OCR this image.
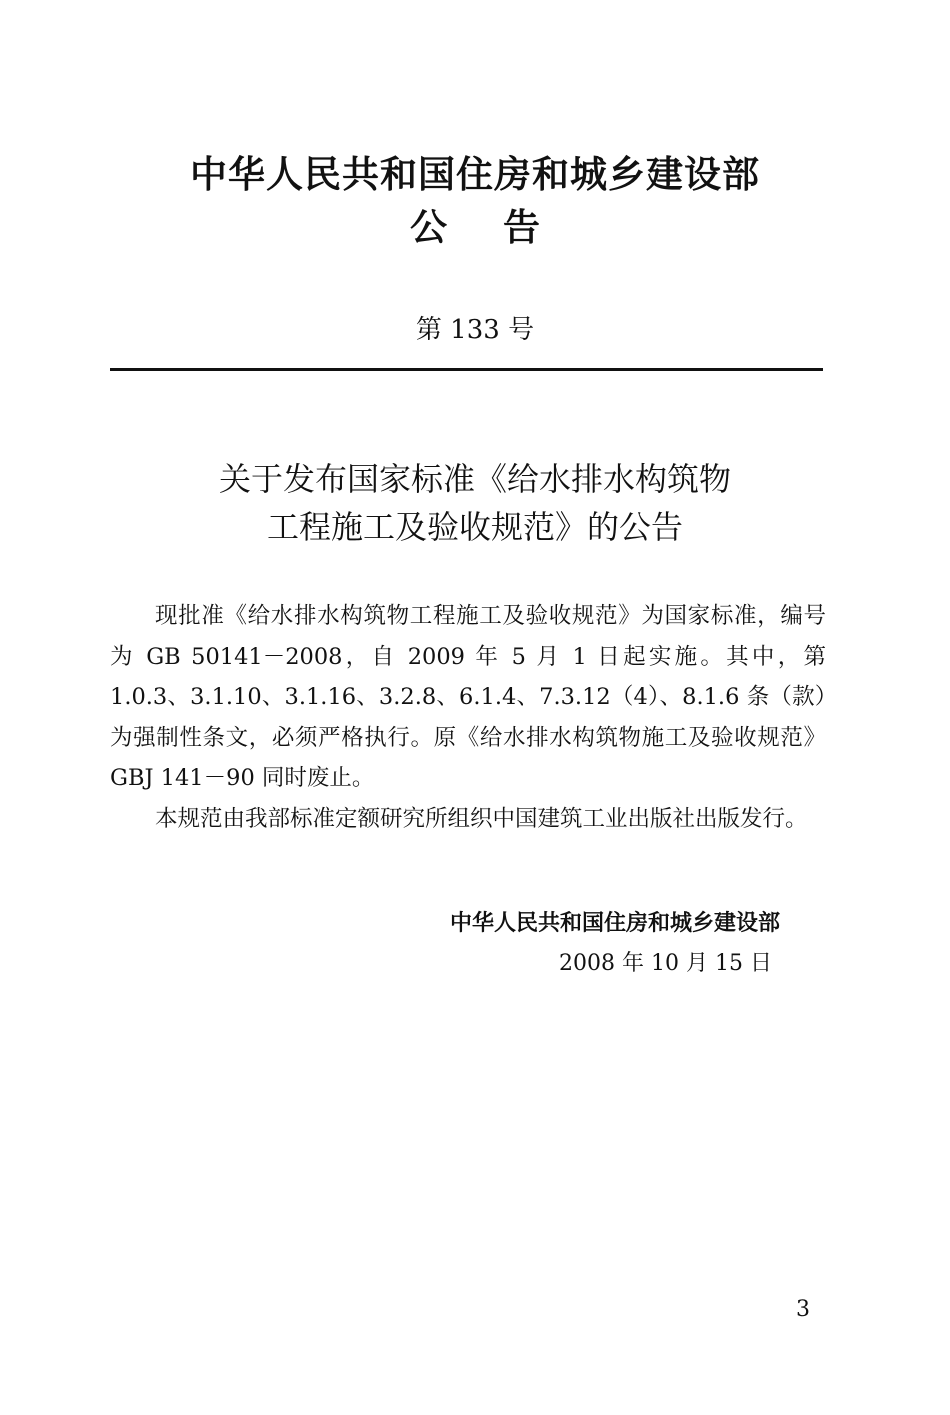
中华人民共和国住房和城乡建设部
公 告
第 133 号
关于发布国家标准《给水排水构筑物
工程施工及验收规范》的公告

现批准《给水排水构筑物工程施工及验收规范》为国家标准，编号为 GB 50141－2008，自 2009 年 5 月 1 日起实施。其中，第 1.0.3、3.1.10、3.1.16、3.2.8、6.1.4、7.3.12（4）、8.1.6 条（款）为强制性条文，必须严格执行。原《给水排水构筑物施工及验收规范》GBJ 141－90 同时废止。

本规范由我部标准定额研究所组织中国建筑工业出版社出版发行。

中华人民共和国住房和城乡建设部
2008 年 10 月 15 日
3
